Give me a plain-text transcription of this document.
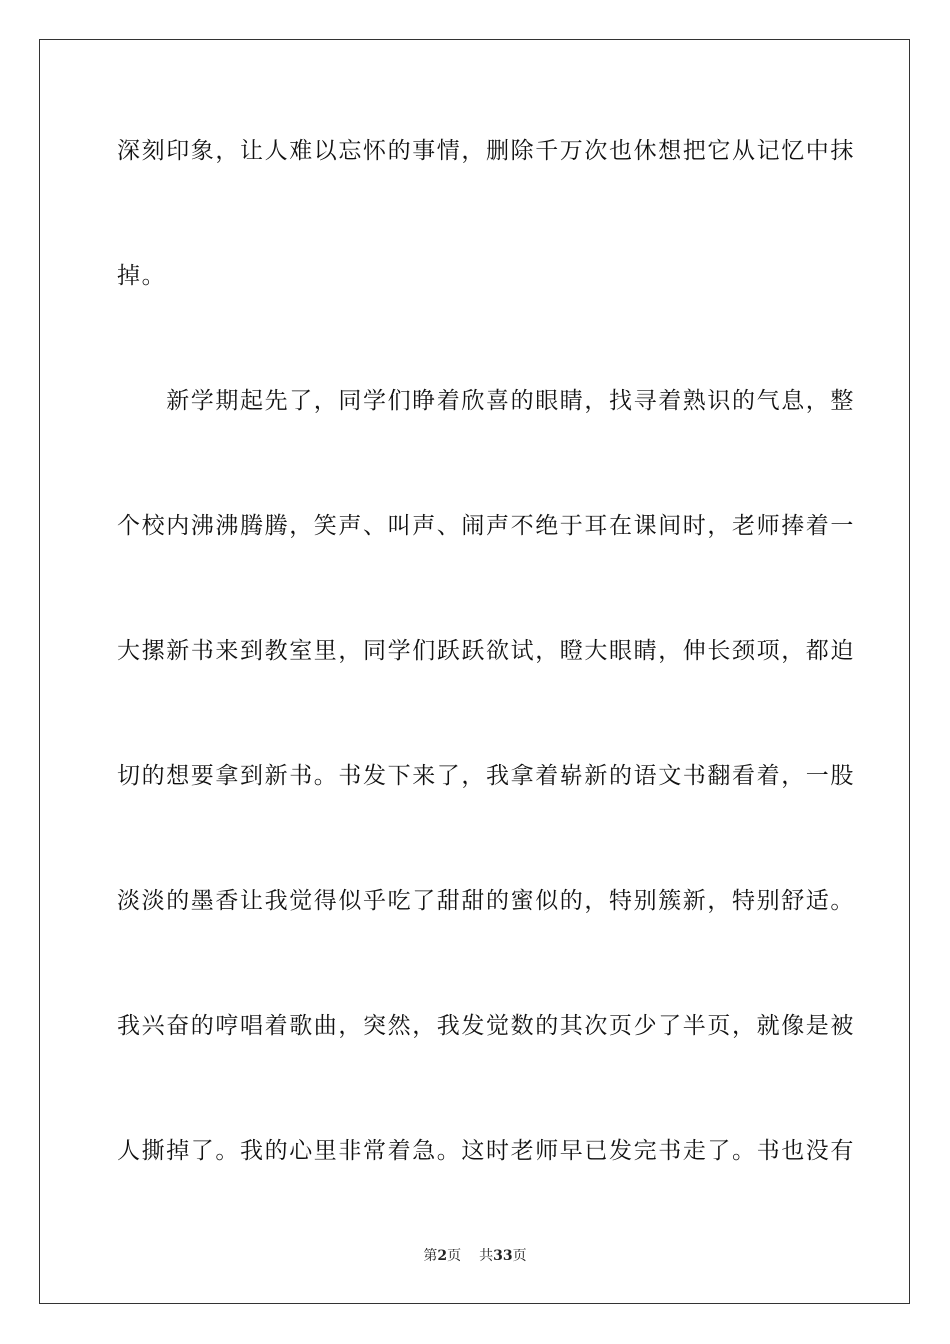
深刻印象，让人难以忘怀的事情，删除千万次也休想把它从记忆中抹
掉。
　　新学期起先了，同学们睁着欣喜的眼睛，找寻着熟识的气息，整
个校内沸沸腾腾，笑声、叫声、闹声不绝于耳在课间时，老师捧着一
大摞新书来到教室里，同学们跃跃欲试，瞪大眼睛，伸长颈项，都迫
切的想要拿到新书。书发下来了，我拿着崭新的语文书翻看着，一股
淡淡的墨香让我觉得似乎吃了甜甜的蜜似的，特别簇新，特别舒适。
我兴奋的哼唱着歌曲，突然，我发觉数的其次页少了半页，就像是被
人撕掉了。我的心里非常着急。这时老师早已发完书走了。书也没有
第2页 共33页
